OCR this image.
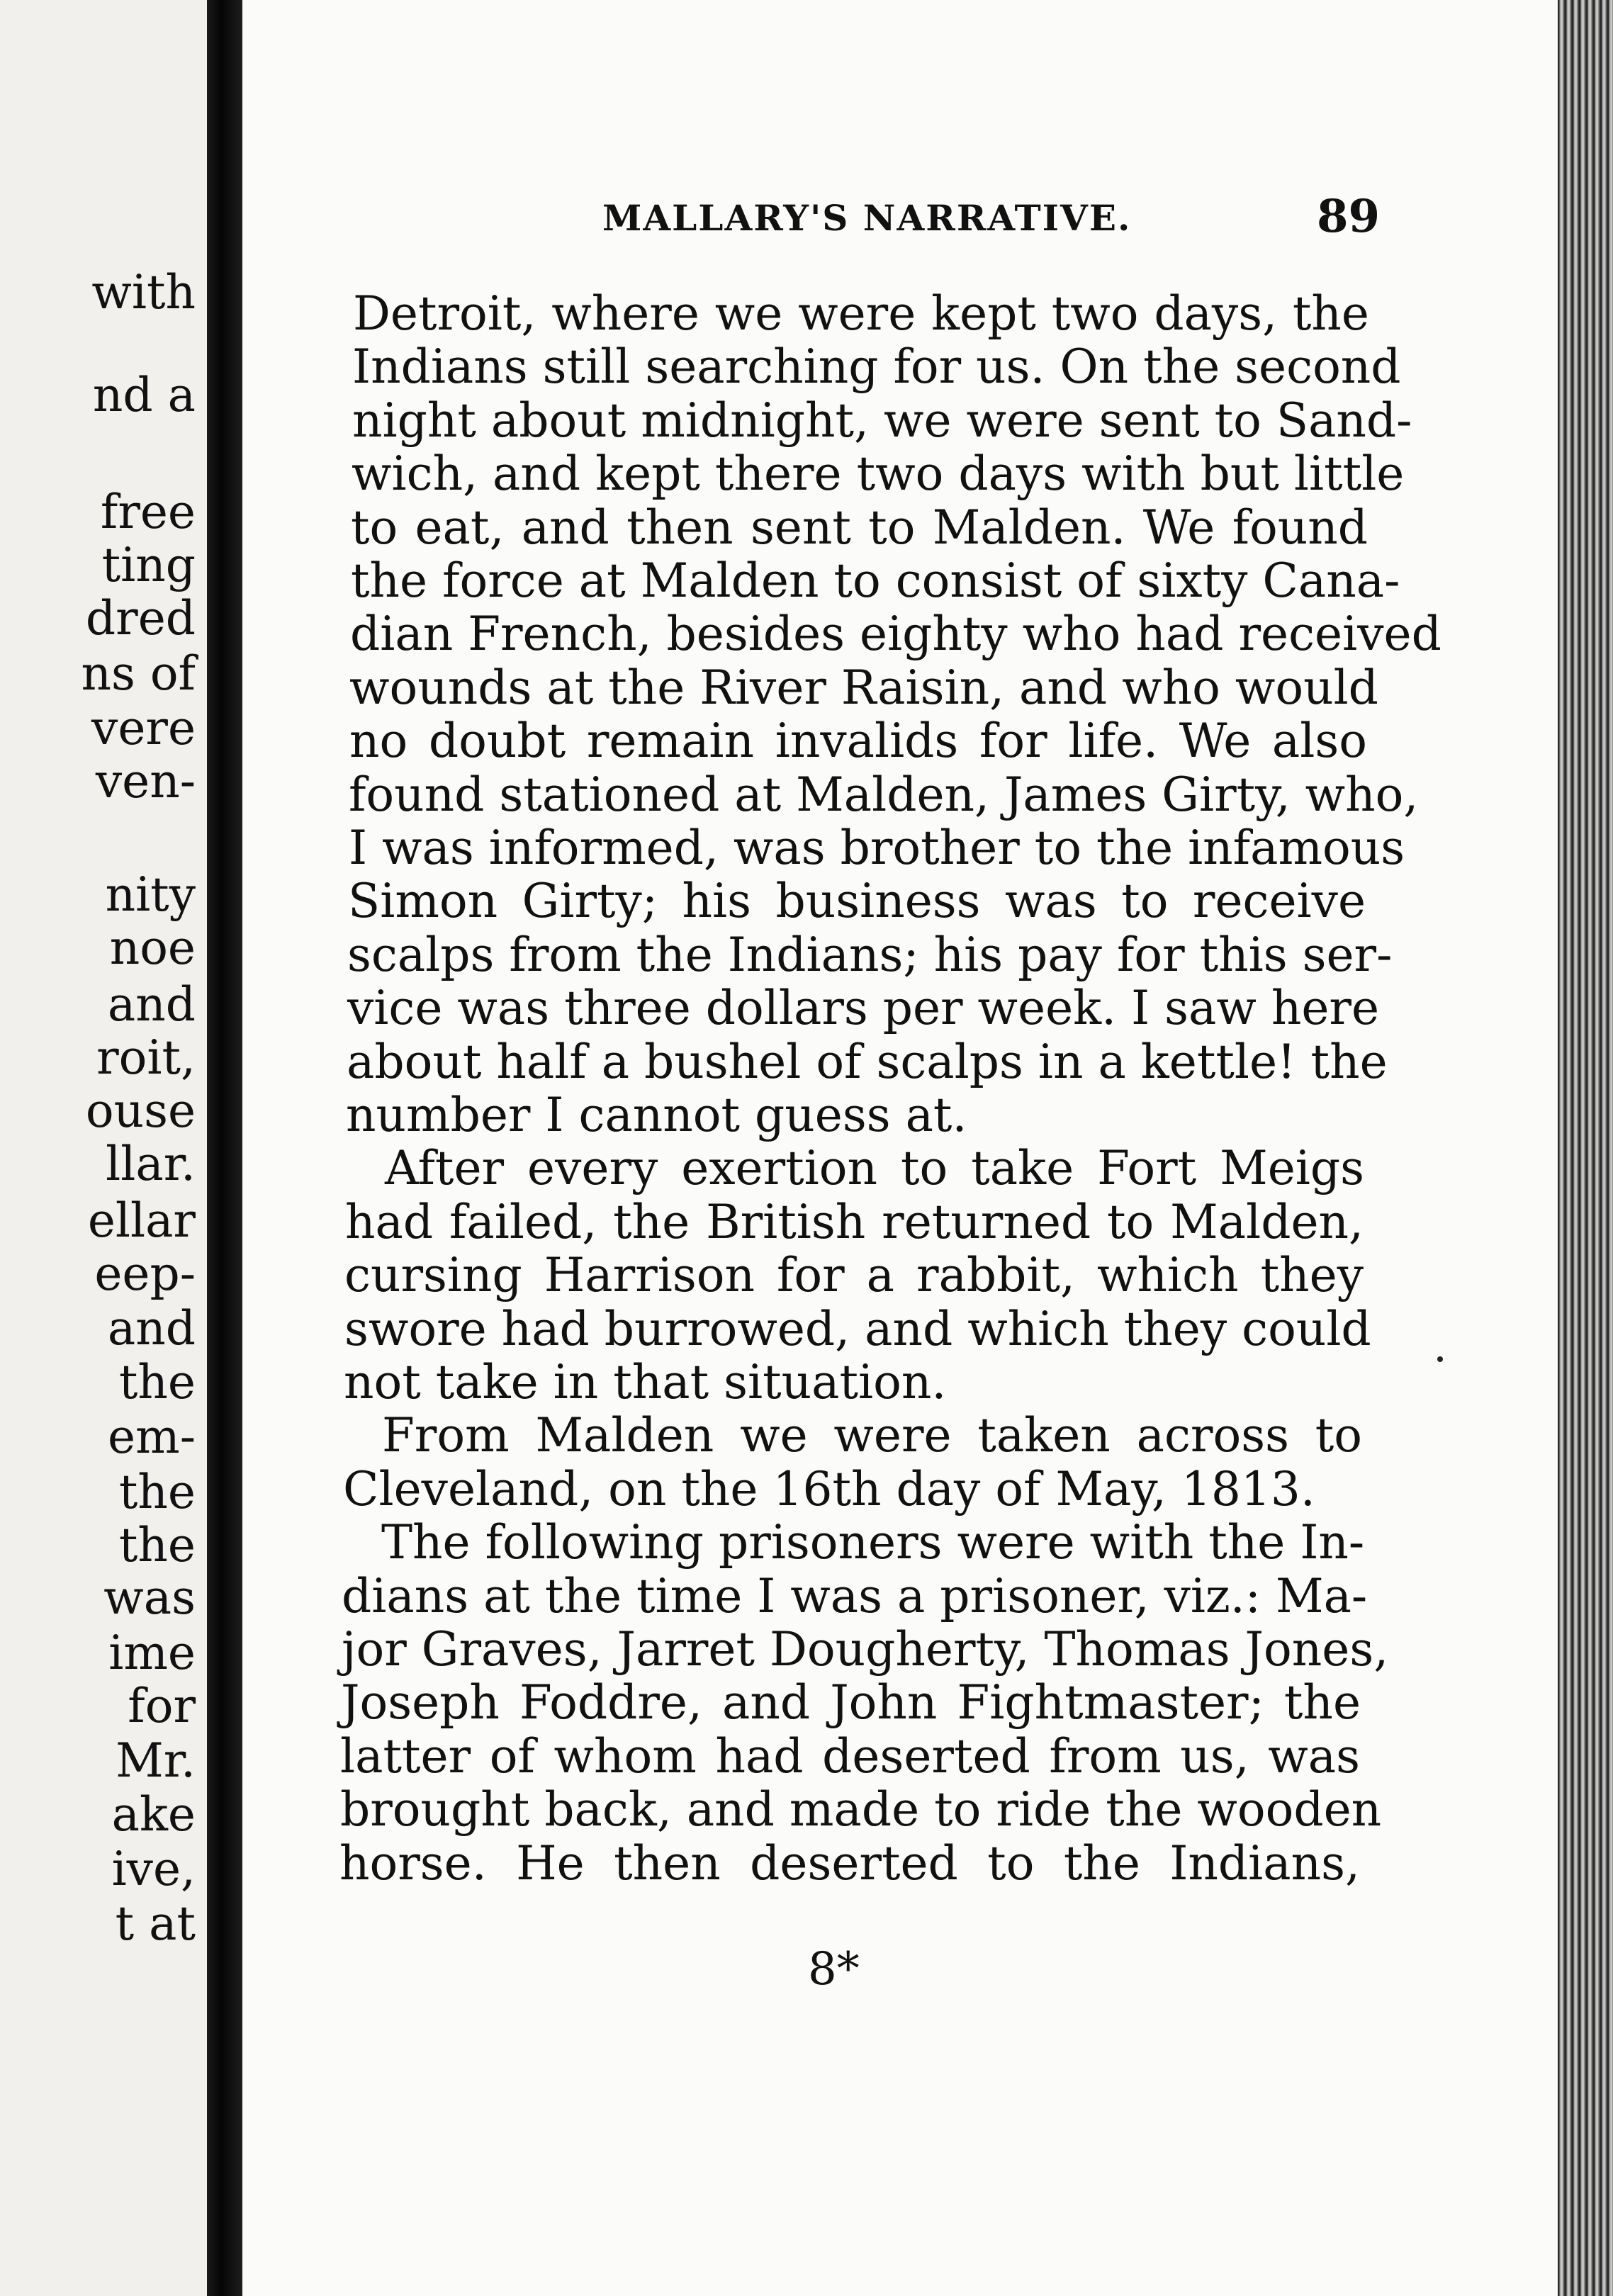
with
nd a
free
ting
dred
ns of
vere
ven-
nity
noe
and
roit,
ouse
llar.
ellar
eep-
and
the
em-
the
the
was
ime
for
Mr.
ake
ive,
t at
MALLARY'S NARRATIVE.	89
Detroit, where we were kept two days, the
Indians still searching for us. On the second
night about midnight, we were sent to Sand-
wich, and kept there two days with but little
to eat, and then sent to Malden. We found
the force at Malden to consist of sixty Cana-
dian French, besides eighty who had received
wounds at the River Raisin, and who would
no doubt remain invalids for life. We also
found stationed at Malden, James Girty, who,
I was informed, was brother to the infamous
Simon Girty; his business was to receive
scalps from the Indians; his pay for this ser-
vice was three dollars per week. I saw here
about half a bushel of scalps in a kettle! the
number I cannot guess at.
After every exertion to take Fort Meigs
had failed, the British returned to Malden,
cursing Harrison for a rabbit, which they
swore had burrowed, and which they could
not take in that situation.
From Malden we were taken across to
Cleveland, on the 16th day of May, 1813.
The following prisoners were with the In-
dians at the time I was a prisoner, viz.: Ma-
jor Graves, Jarret Dougherty, Thomas Jones,
Joseph Foddre, and John Fightmaster; the
latter of whom had deserted from us, was
brought back, and made to ride the wooden
horse. He then deserted to the Indians,
8*
